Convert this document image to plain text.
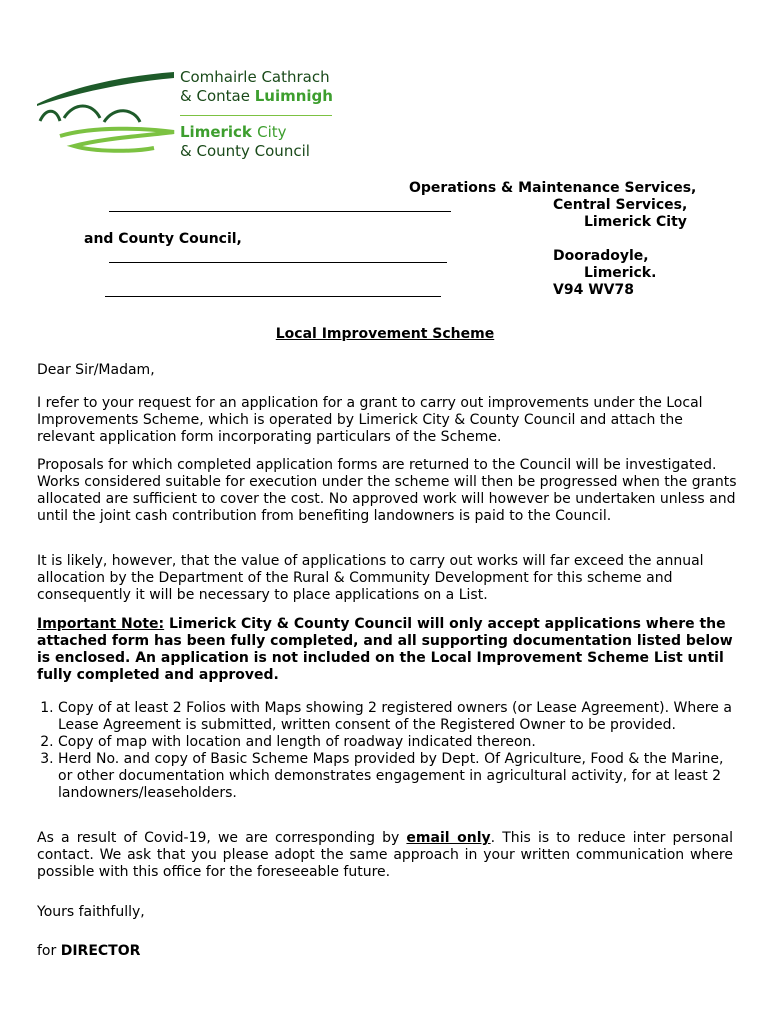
Comhairle Cathrach
& Contae Luimnigh
Limerick City
& County Council
Operations & Maintenance Services,
Central Services,
Limerick City
and County Council,
Dooradoyle,
Limerick.
V94 WV78
Local Improvement Scheme
Dear Sir/Madam,
I refer to your request for an application for a grant to carry out improvements under the Local Improvements Scheme, which is operated by Limerick City & County Council and attach the relevant application form incorporating particulars of the Scheme.
Proposals for which completed application forms are returned to the Council will be investigated. Works considered suitable for execution under the scheme will then be progressed when the grants allocated are sufficient to cover the cost. No approved work will however be undertaken unless and until the joint cash contribution from benefiting landowners is paid to the Council.
It is likely, however, that the value of applications to carry out works will far exceed the annual allocation by the Department of the Rural & Community Development for this scheme and consequently it will be necessary to place applications on a List.
Important Note: Limerick City & County Council will only accept applications where the attached form has been fully completed, and all supporting documentation listed below is enclosed. An application is not included on the Local Improvement Scheme List until fully completed and approved.
1. Copy of at least 2 Folios with Maps showing 2 registered owners (or Lease Agreement). Where a Lease Agreement is submitted, written consent of the Registered Owner to be provided.
2. Copy of map with location and length of roadway indicated thereon.
3. Herd No. and copy of Basic Scheme Maps provided by Dept. Of Agriculture, Food & the Marine, or other documentation which demonstrates engagement in agricultural activity, for at least 2 landowners/leaseholders.
As a result of Covid-19, we are corresponding by email only. This is to reduce inter personal contact. We ask that you please adopt the same approach in your written communication where possible with this office for the foreseeable future.
Yours faithfully,
for DIRECTOR
